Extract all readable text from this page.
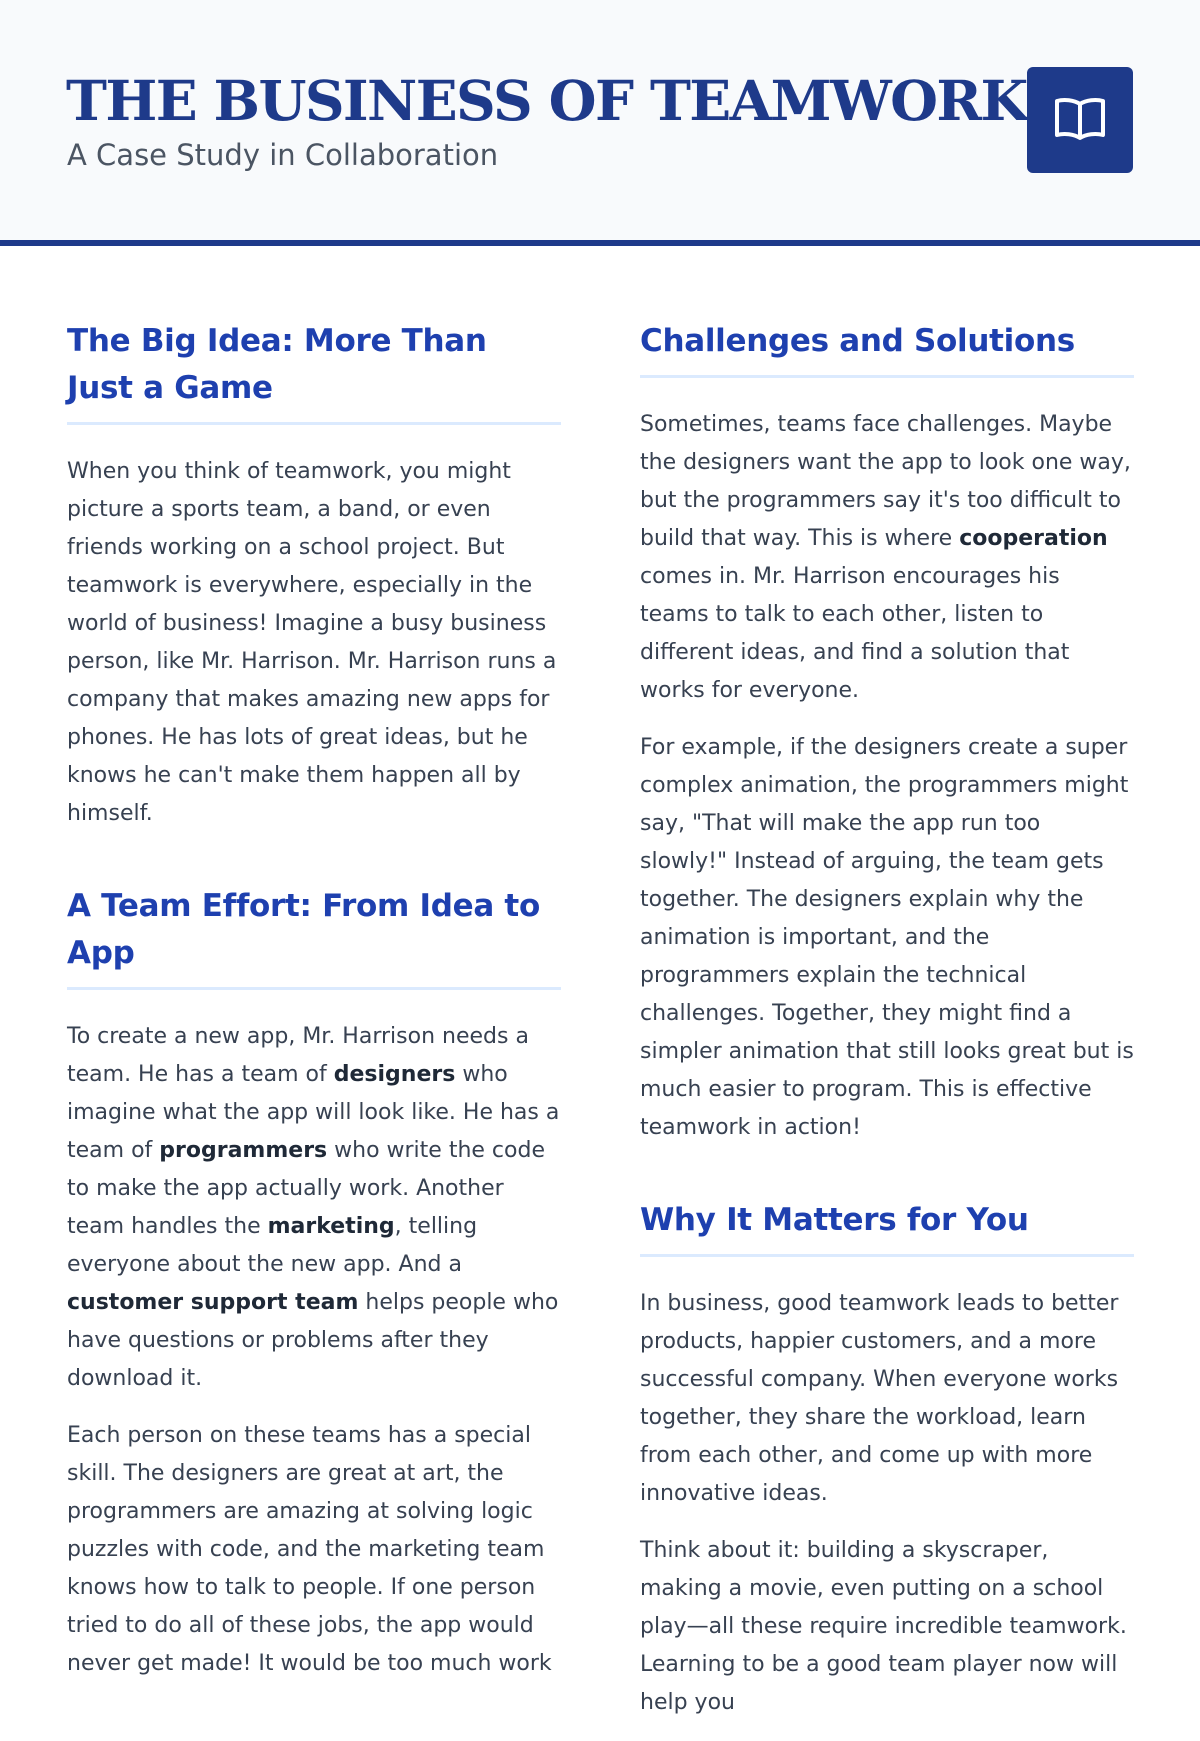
THE BUSINESS OF TEAMWORK
A Case Study in Collaboration
The Big Idea: More Than Just a Game

When you think of teamwork, you might picture a sports team, a band, or even friends working on a school project. But teamwork is everywhere, especially in the world of business! Imagine a busy business person, like Mr. Harrison. Mr. Harrison runs a company that makes amazing new apps for phones. He has lots of great ideas, but he knows he can't make them happen all by himself.

A Team Effort: From Idea to App

To create a new app, Mr. Harrison needs a team. He has a team of designers who imagine what the app will look like. He has a team of programmers who write the code to make the app actually work. Another team handles the marketing, telling everyone about the new app. And a customer support team helps people who have questions or problems after they download it.

Each person on these teams has a special skill. The designers are great at art, the programmers are amazing at solving logic puzzles with code, and the marketing team knows how to talk to people. If one person tried to do all of these jobs, the app would never get made! It would be too much work

Challenges and Solutions

Sometimes, teams face challenges. Maybe the designers want the app to look one way, but the programmers say it's too difficult to build that way. This is where cooperation comes in. Mr. Harrison encourages his teams to talk to each other, listen to different ideas, and find a solution that works for everyone.

For example, if the designers create a super complex animation, the programmers might say, "That will make the app run too slowly!" Instead of arguing, the team gets together. The designers explain why the animation is important, and the programmers explain the technical challenges. Together, they might find a simpler animation that still looks great but is much easier to program. This is effective teamwork in action!

Why It Matters for You

In business, good teamwork leads to better products, happier customers, and a more successful company. When everyone works together, they share the workload, learn from each other, and come up with more innovative ideas.

Think about it: building a skyscraper, making a movie, even putting on a school play—all these require incredible teamwork. Learning to be a good team player now will help you
